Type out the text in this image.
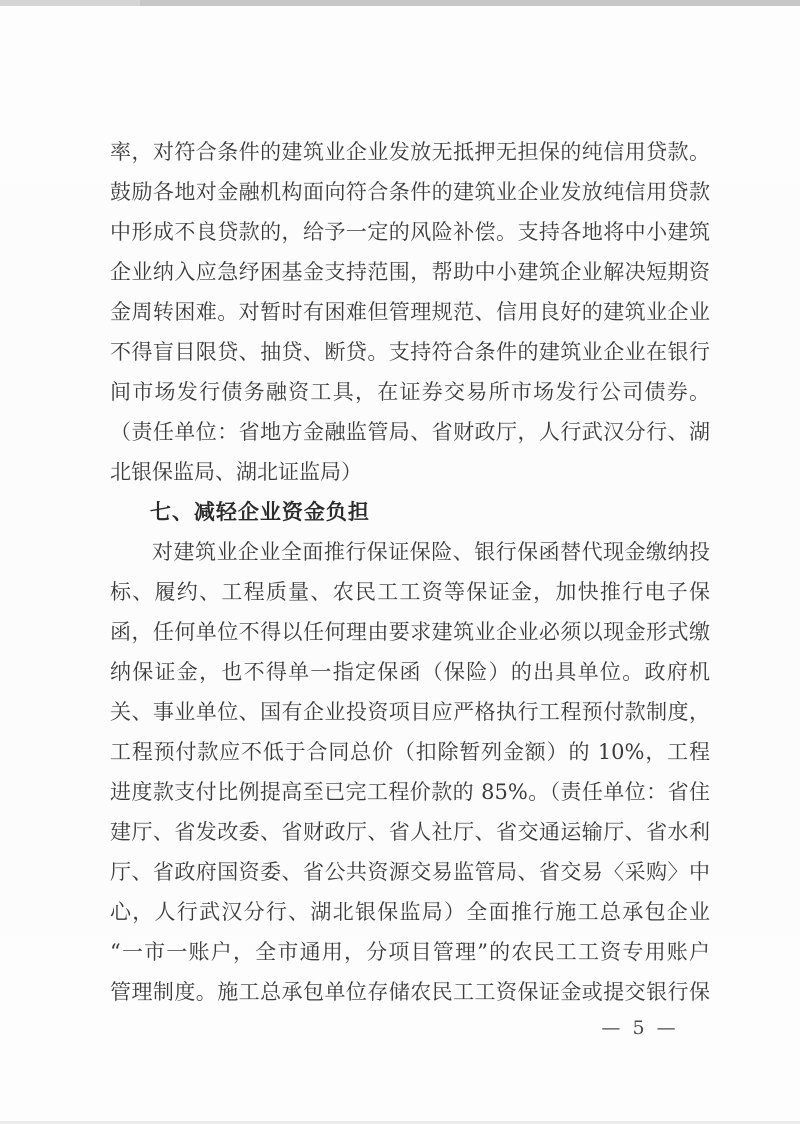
率，对符合条件的建筑业企业发放无抵押无担保的纯信用贷款。

鼓励各地对金融机构面向符合条件的建筑业企业发放纯信用贷款

中形成不良贷款的，给予一定的风险补偿。支持各地将中小建筑

企业纳入应急纾困基金支持范围，帮助中小建筑企业解决短期资

金周转困难。对暂时有困难但管理规范、信用良好的建筑业企业

不得盲目限贷、抽贷、断贷。支持符合条件的建筑业企业在银行

间市场发行债务融资工具，在证券交易所市场发行公司债券。

（责任单位：省地方金融监管局、省财政厅，人行武汉分行、湖

北银保监局、湖北证监局）

七、减轻企业资金负担

对建筑业企业全面推行保证保险、银行保函替代现金缴纳投

标、履约、工程质量、农民工工资等保证金，加快推行电子保

函，任何单位不得以任何理由要求建筑业企业必须以现金形式缴

纳保证金，也不得单一指定保函（保险）的出具单位。政府机

关、事业单位、国有企业投资项目应严格执行工程预付款制度，

工程预付款应不低于合同总价（扣除暂列金额）的 10%，工程

进度款支付比例提高至已完工程价款的 85%。（责任单位：省住

建厅、省发改委、省财政厅、省人社厅、省交通运输厅、省水利

厅、省政府国资委、省公共资源交易监管局、省交易〈采购〉中

心，人行武汉分行、湖北银保监局）全面推行施工总承包企业

“一市一账户，全市通用，分项目管理”的农民工工资专用账户

管理制度。施工总承包单位存储农民工工资保证金或提交银行保

— 5 —
